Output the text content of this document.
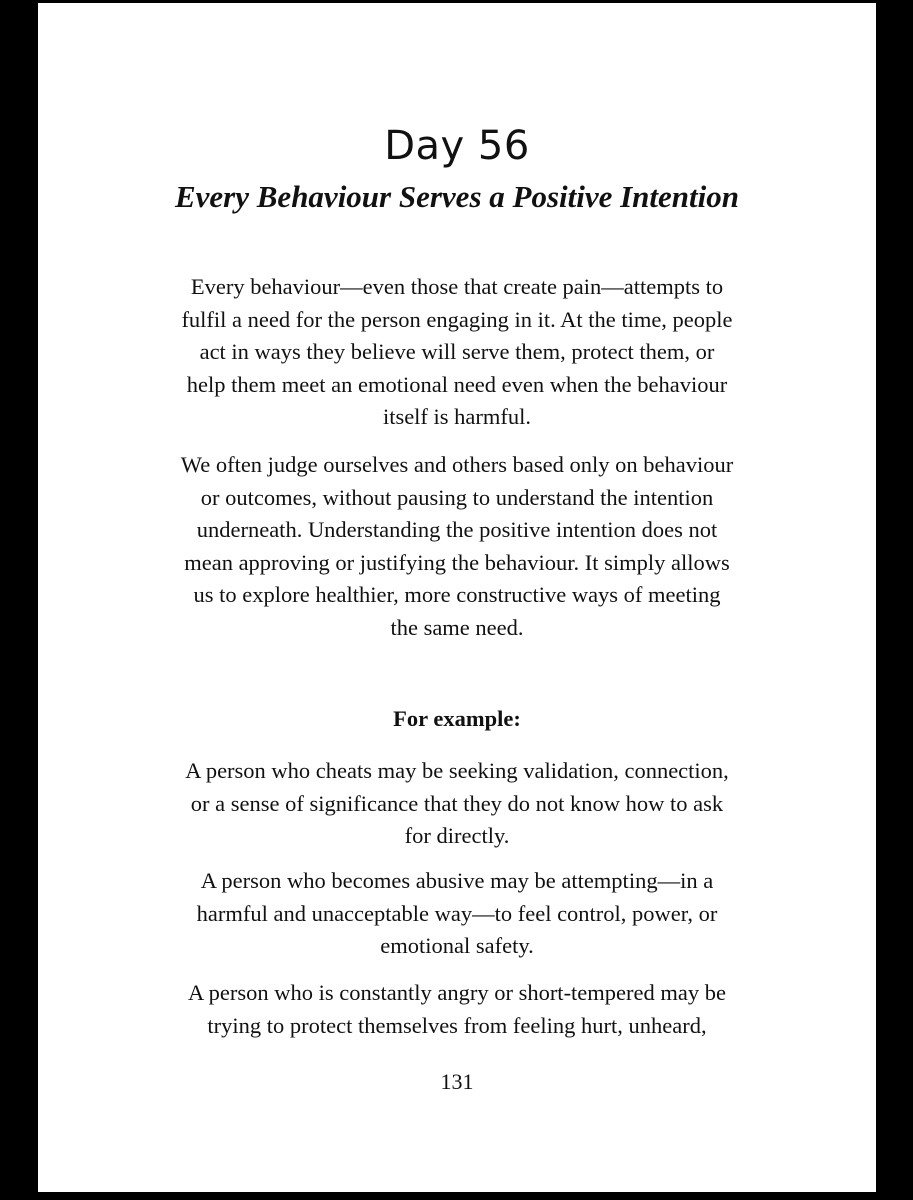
Day 56
Every Behaviour Serves a Positive Intention

Every behaviour—even those that create pain—attempts to
fulfil a need for the person engaging in it. At the time, people
act in ways they believe will serve them, protect them, or
help them meet an emotional need even when the behaviour
itself is harmful.

We often judge ourselves and others based only on behaviour
or outcomes, without pausing to understand the intention
underneath. Understanding the positive intention does not
mean approving or justifying the behaviour. It simply allows
us to explore healthier, more constructive ways of meeting
the same need.

For example:

A person who cheats may be seeking validation, connection,
or a sense of significance that they do not know how to ask
for directly.

A person who becomes abusive may be attempting—in a
harmful and unacceptable way—to feel control, power, or
emotional safety.

A person who is constantly angry or short-tempered may be
trying to protect themselves from feeling hurt, unheard,

131
